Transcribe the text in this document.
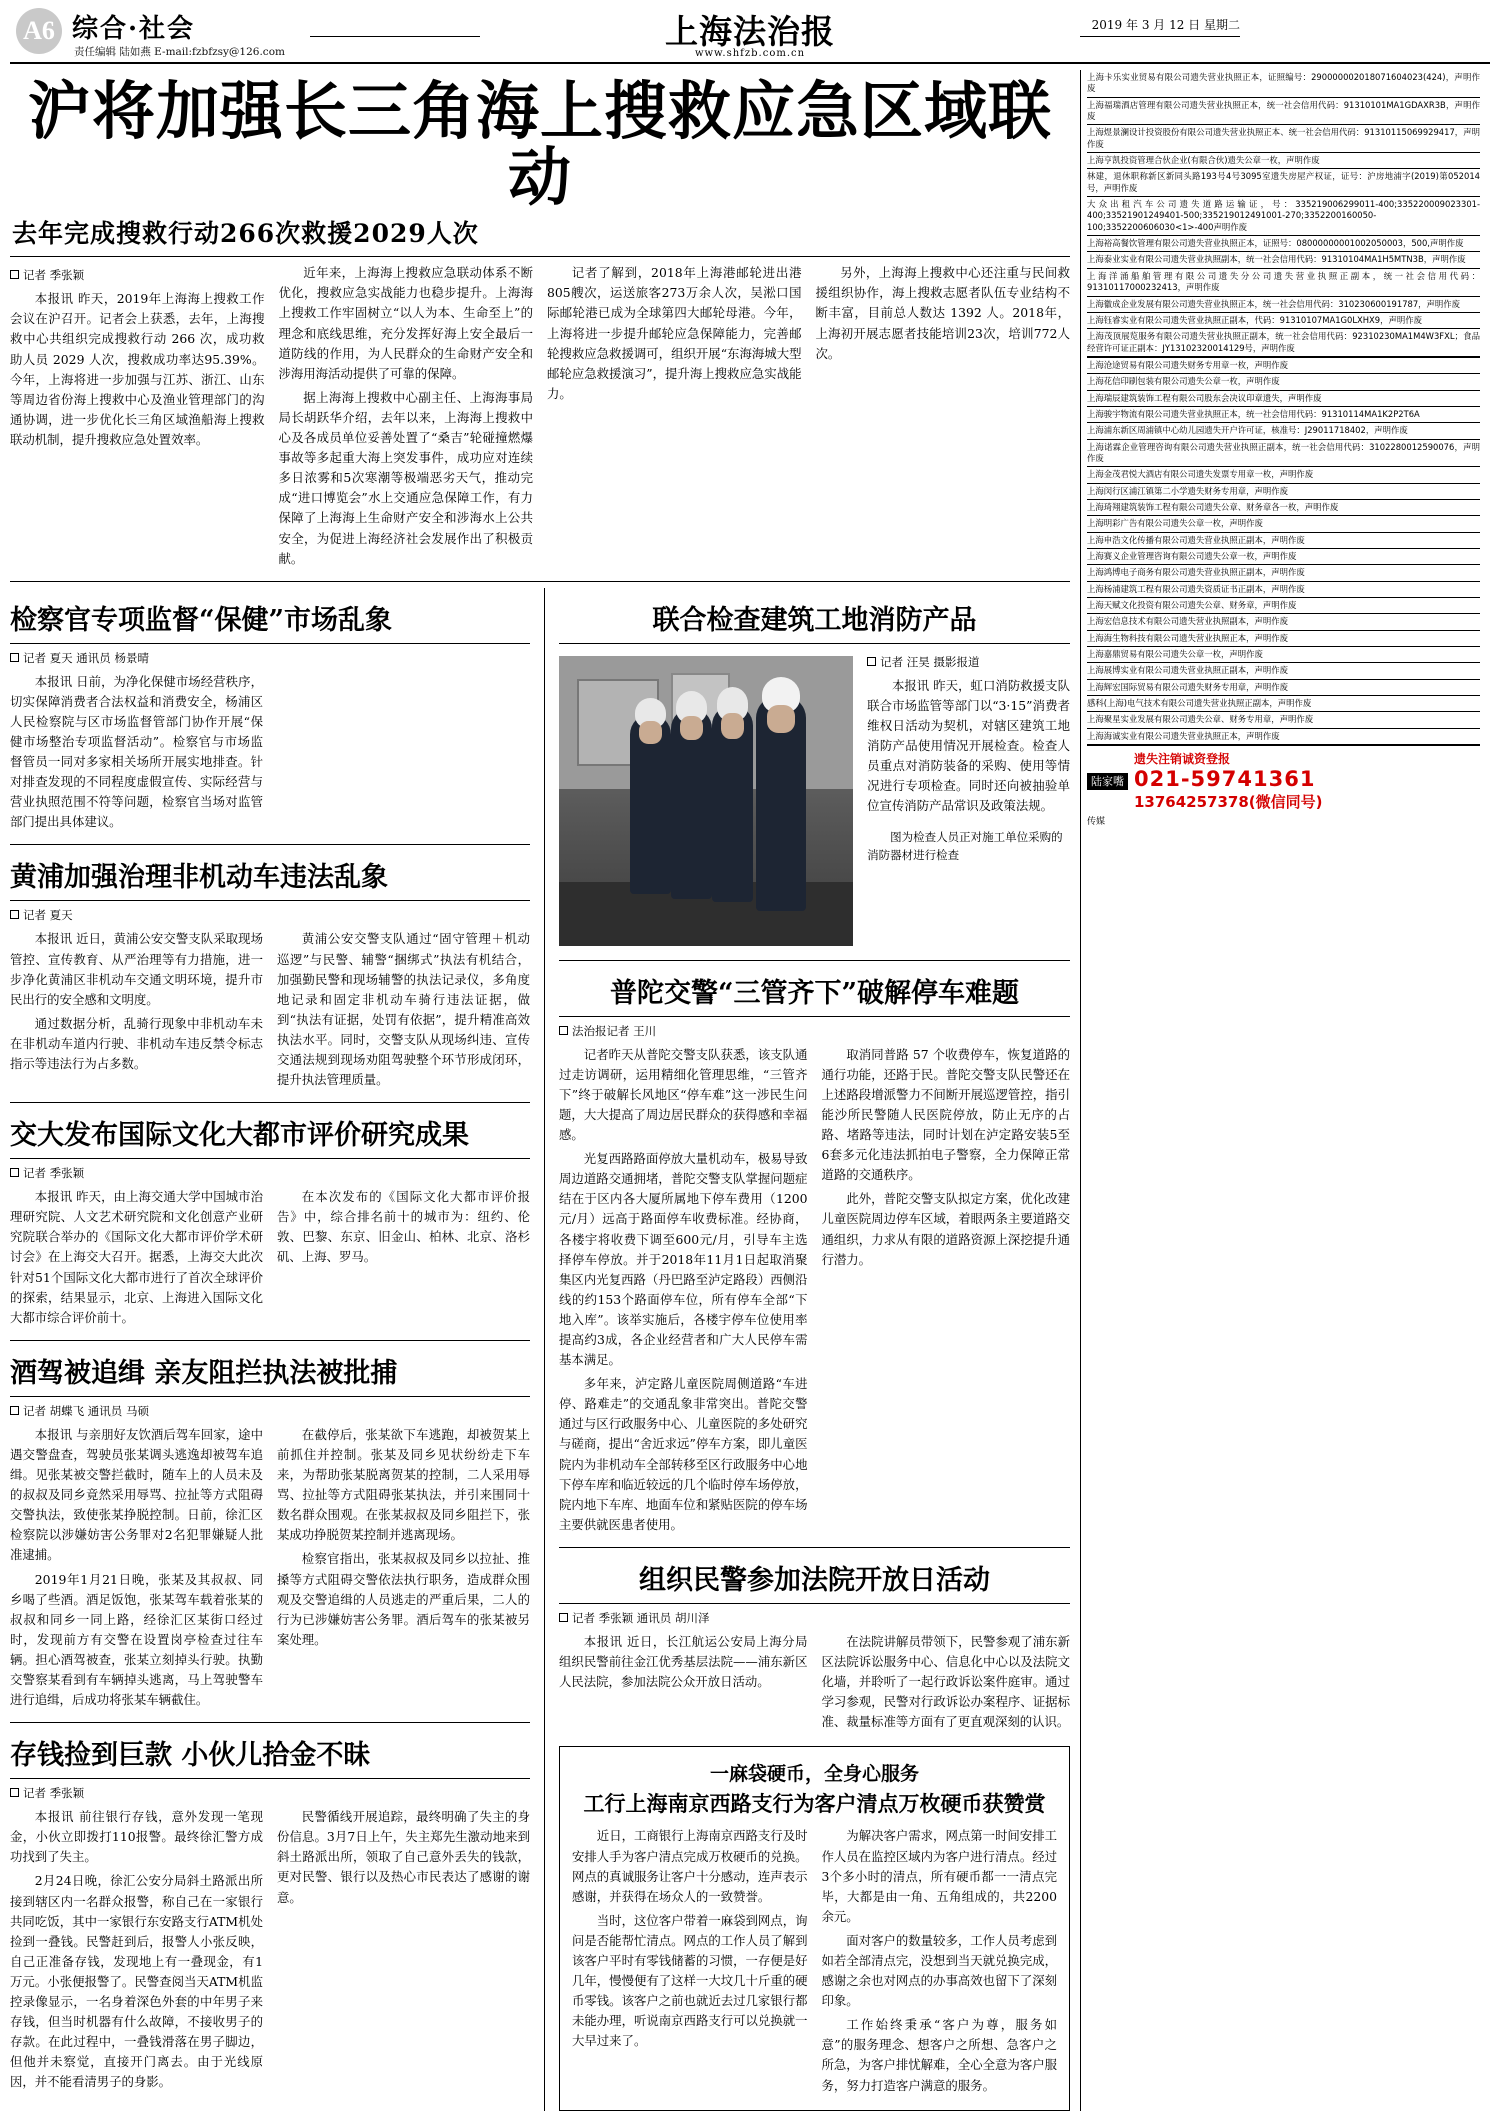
A6 综合·社会
责任编辑 陆如燕 E-mail:fzbfzsy@126.com
上海法治报
www.shfzb.com.cn
2019 年 3 月 12 日 星期二
沪将加强长三角海上搜救应急区域联动
去年完成搜救行动266次救援2029人次
记者 季张颖

本报讯 昨天，2019年上海海上搜救工作会议在沪召开。记者会上获悉，去年，上海搜救中心共组织完成搜救行动 266 次，成功救助人员 2029 人次，搜救成功率达95.39%。今年，上海将进一步加强与江苏、浙江、山东等周边省份海上搜救中心及渔业管理部门的沟通协调，进一步优化长三角区域渔船海上搜救联动机制，提升搜救应急处置效率。

近年来，上海海上搜救应急联动体系不断优化，搜救应急实战能力也稳步提升。上海海上搜救工作牢固树立“以人为本、生命至上”的理念和底线思维，充分发挥好海上安全最后一道防线的作用，为人民群众的生命财产安全和涉海用海活动提供了可靠的保障。

据上海海上搜救中心副主任、上海海事局局长胡跃华介绍，去年以来，上海海上搜救中心及各成员单位妥善处置了“桑吉”轮碰撞燃爆事故等多起重大海上突发事件，成功应对连续多日浓雾和5次寒潮等极端恶劣天气，推动完成“进口博览会”水上交通应急保障工作，有力保障了上海海上生命财产安全和涉海水上公共安全，为促进上海经济社会发展作出了积极贡献。

记者了解到，2018年上海港邮轮进出港805艘次，运送旅客273万余人次，吴淞口国际邮轮港已成为全球第四大邮轮母港。今年，上海将进一步提升邮轮应急保障能力，完善邮轮搜救应急救援调可，组织开展“东海海城大型邮轮应急救援演习”，提升海上搜救应急实战能力。

另外，上海海上搜救中心还注重与民间救援组织协作，海上搜救志愿者队伍专业结构不断丰富，目前总人数达 1392 人。2018年，上海初开展志愿者技能培训23次，培训772人次。

检察官专项监督“保健”市场乱象
记者 夏天 通讯员 杨景晴

本报讯 日前，为净化保健市场经营秩序，切实保障消费者合法权益和消费安全，杨浦区人民检察院与区市场监督管部门协作开展“保健市场整治专项监督活动”。检察官与市场监督管员一同对多家相关场所开展实地排查。针对排查发现的不同程度虚假宣传、实际经营与营业执照范围不符等问题，检察官当场对监管部门提出具体建议。

黄浦加强治理非机动车违法乱象
记者 夏天

本报讯 近日，黄浦公安交警支队采取现场管控、宣传教育、从严治理等有力措施，进一步净化黄浦区非机动车交通文明环境，提升市民出行的安全感和文明度。

通过数据分析，乱骑行现象中非机动车未在非机动车道内行驶、非机动车违反禁令标志指示等违法行为占多数。

黄浦公安交警支队通过“固守管理＋机动巡逻”与民警、辅警“捆绑式”执法有机结合，加强勤民警和现场辅警的执法记录仪，多角度地记录和固定非机动车骑行违法证据，做到“执法有证据，处罚有依据”，提升精准高效执法水平。同时，交警支队从现场纠违、宣传交通法规到现场劝阻驾驶整个环节形成闭环，提升执法管理质量。

交大发布国际文化大都市评价研究成果
记者 季张颖

本报讯 昨天，由上海交通大学中国城市治理研究院、人文艺术研究院和文化创意产业研究院联合举办的《国际文化大都市评价学术研讨会》在上海交大召开。据悉，上海交大此次针对51个国际文化大都市进行了首次全球评价的探索，结果显示，北京、上海进入国际文化大都市综合评价前十。

在本次发布的《国际文化大都市评价报告》中，综合排名前十的城市为：纽约、伦敦、巴黎、东京、旧金山、柏林、北京、洛杉矶、上海、罗马。

酒驾被追缉 亲友阻拦执法被批捕
记者 胡蝶飞 通讯员 马硕

本报讯 与亲朋好友饮酒后驾车回家，途中遇交警盘查，驾驶员张某调头逃逸却被驾车追缉。见张某被交警拦截时，随车上的人员未及的叔叔及同乡竟然采用辱骂、拉扯等方式阻碍交警执法，致使张某挣脱控制。日前，徐汇区检察院以涉嫌妨害公务罪对2名犯罪嫌疑人批准逮捕。

2019年1月21日晚，张某及其叔叔、同乡喝了些酒。酒足饭饱，张某驾车载着张某的叔叔和同乡一同上路，经徐汇区某街口经过时，发现前方有交警在设置岗亭检查过往车辆。担心酒驾被查，张某立刻掉头行驶。执勤交警察某看到有车辆掉头逃离，马上驾驶警车进行追缉，后成功将张某车辆截住。

在截停后，张某欲下车逃跑，却被贺某上前抓住并控制。张某及同乡见状纷纷走下车来，为帮助张某脱离贺某的控制，二人采用辱骂、拉扯等方式阻碍张某执法，并引来围同十数名群众围观。在张某叔叔及同乡阻拦下，张某成功挣脱贺某控制并逃离现场。

检察官指出，张某叔叔及同乡以拉扯、推搡等方式阻碍交警依法执行职务，造成群众围观及交警追缉的人员逃走的严重后果，二人的行为已涉嫌妨害公务罪。酒后驾车的张某被另案处理。

存钱捡到巨款 小伙儿拾金不昧
记者 季张颖

本报讯 前往银行存钱，意外发现一笔现金，小伙立即拨打110报警。最终徐汇警方成功找到了失主。

2月24日晚，徐汇公安分局斜土路派出所接到辖区内一名群众报警，称自己在一家银行共同吃饭，其中一家银行东安路支行ATM机处捡到一叠钱。民警赶到后，报警人小张反映，自己正准备存钱，发现地上有一叠现金，有1万元。小张便报警了。民警查阅当天ATM机监控录像显示，一名身着深色外套的中年男子来存钱，但当时机器有什么故障，不接收男子的存款。在此过程中，一叠钱滑落在男子脚边，但他并未察觉，直接开门离去。由于光线原因，并不能看清男子的身影。

民警循线开展追踪，最终明确了失主的身份信息。3月7日上午，失主郑先生激动地来到斜土路派出所，领取了自己意外丢失的钱款，更对民警、银行以及热心市民表达了感谢的谢意。

联合检查建筑工地消防产品
记者 汪昊 摄影报道

本报讯 昨天，虹口消防救援支队联合市场监管等部门以“3·15”消费者维权日活动为契机，对辖区建筑工地消防产品使用情况开展检查。检查人员重点对消防装备的采购、使用等情况进行专项检查。同时还向被抽验单位宣传消防产品常识及政策法规。

图为检查人员正对施工单位采购的消防器材进行检查

普陀交警“三管齐下”破解停车难题
法治报记者 王川

记者昨天从普陀交警支队获悉，该支队通过走访调研，运用精细化管理思维，“三管齐下”终于破解长风地区“停车难”这一涉民生问题，大大提高了周边居民群众的获得感和幸福感。

光复西路路面停放大量机动车，极易导致周边道路交通拥堵，普陀交警支队掌握问题症结在于区内各大厦所属地下停车费用（1200元/月）远高于路面停车收费标准。经协商，各楼宇将收费下调至600元/月，引导车主选择停车停放。并于2018年11月1日起取消聚集区内光复西路（丹巴路至泸定路段）西侧沿线的约153个路面停车位，所有停车全部“下地入库”。该举实施后，各楼宇停车位使用率提高约3成，各企业经营者和广大人民停车需基本满足。

多年来，泸定路儿童医院周侧道路“车进停、路难走”的交通乱象非常突出。普陀交警通过与区行政服务中心、儿童医院的多处研究与磋商，提出“舍近求远”停车方案，即儿童医院内为非机动车全部转移至区行政服务中心地下停车库和临近较远的几个临时停车场停放，院内地下车库、地面车位和紧贴医院的停车场主要供就医患者使用。

取消同普路 57 个收费停车，恢复道路的通行功能，还路于民。普陀交警支队民警还在上述路段增派警力不间断开展巡逻管控，指引能沙所民警随人民医院停放，防止无序的占路、堵路等违法，同时计划在泸定路安装5至6套多元化违法抓拍电子警察，全力保障正常道路的交通秩序。

此外，普陀交警支队拟定方案，优化改建儿童医院周边停车区域，着眼两条主要道路交通组织，力求从有限的道路资源上深挖提升通行潜力。

组织民警参加法院开放日活动
记者 季张颖 通讯员 胡川泽

本报讯 近日，长江航运公安局上海分局组织民警前往金江优秀基层法院——浦东新区人民法院，参加法院公众开放日活动。

在法院讲解员带领下，民警参观了浦东新区法院诉讼服务中心、信息化中心以及法院文化墙，并聆听了一起行政诉讼案件庭审。通过学习参观，民警对行政诉讼办案程序、证据标准、裁量标准等方面有了更直观深刻的认识。

一麻袋硬币，全身心服务
工行上海南京西路支行为客户清点万枚硬币获赞赏

近日，工商银行上海南京西路支行及时安排人手为客户清点完成万枚硬币的兑换。网点的真诚服务让客户十分感动，连声表示感谢，并获得在场众人的一致赞誉。

当时，这位客户带着一麻袋到网点，询问是否能帮忙清点。网点的工作人员了解到该客户平时有零钱储蓄的习惯，一存便是好几年，慢慢便有了这样一大坟几十斤重的硬币零钱。该客户之前也就近去过几家银行都未能办理，听说南京西路支行可以兑换就一大早过来了。

为解决客户需求，网点第一时间安排工作人员在监控区域内为客户进行清点。经过3个多小时的清点，所有硬币都一一清点完毕，大都是由一角、五角组成的，共2200余元。

面对客户的数量较多，工作人员考虑到如若全部清点完，没想到当天就兑换完成，感谢之余也对网点的办事高效也留下了深刻印象。

工作始终秉承“客户为尊，服务如意”的服务理念、想客户之所想、急客户之所急，为客户排忧解难，全心全意为客户服务，努力打造客户满意的服务。

上海卡乐实业贸易有限公司遗失营业执照正本，证照编号：290000002018071604023(424)，声明作废
上海福瑞酒店管理有限公司遗失营业执照正本，统一社会信用代码：91310101MA1GDAXR3B，声明作废
上海煜景澜设计投资股份有限公司遗失营业执照正本、统一社会信用代码：91310115069929417，声明作废
上海亨凯投资管理合伙企业(有限合伙)遗失公章一枚，声明作废
林建，退休职称新区新同头路193号4号3095室遗失房屋产权证，证号：沪房地浦字(2019)第052014号，声明作废
大众出租汽车公司遗失道路运输证，号：335219006299011-400;335220009023301-400;33521901249401-500;335219012491001-270;3352200160050-100;3352200606030<1>-400声明作废
上海裕高餐饮管理有限公司遗失营业执照正本，证照号：08000000001002050003，500,声明作废
上海泰业实业有限公司遗失营业执照副本，统一社会信用代码：91310104MA1H5MTN3B，声明作废
上海洋涌船舶管理有限公司遗失分公司遗失营业执照正副本，统一社会信用代码：91310117000232413，声明作废
上海徽成企业发展有限公司遗失营业执照正本，统一社会信用代码：310230600191787，声明作废
上海钰睿实业有限公司遗失营业执照正副本，代码：91310107MA1G0LXHX9，声明作废
上海茂顶展览服务有限公司遗失营业执照正副本，统一社会信用代码：92310230MA1M4W3FXL；食品经营许可证正副本：JY13102320014129号，声明作废
上海沧途贸易有限公司遗失财务专用章一枚，声明作废
上海花信印刷包装有限公司遗失公章一枚，声明作废
上海瑞辰建筑装饰工程有限公司股东会决议印章遗失，声明作废
上海骏宇物流有限公司遗失营业执照正本，统一社会信用代码：91310114MA1K2P2T6A
上海浦东新区周浦镇中心幼儿园遗失开户许可证，核准号：J29011718402，声明作废
上海诺霖企业管理咨询有限公司遗失营业执照正副本，统一社会信用代码：3102280012590076，声明作废
上海金茂君悦大酒店有限公司遗失发票专用章一枚，声明作废
上海闵行区浦江镇第二小学遗失财务专用章，声明作废
上海琦翔建筑装饰工程有限公司遗失公章、财务章各一枚，声明作废
上海明彩广告有限公司遗失公章一枚，声明作废
上海申浩文化传播有限公司遗失营业执照正副本，声明作废
上海赛义企业管理咨询有限公司遗失公章一枚，声明作废
上海鸿博电子商务有限公司遗失营业执照正副本，声明作废
上海杨浦建筑工程有限公司遗失资质证书正副本，声明作废
上海天赋文化投资有限公司遗失公章、财务章，声明作废
上海宏信息技术有限公司遗失营业执照副本，声明作废
上海海生物科技有限公司遗失营业执照正本，声明作废
上海嘉鼎贸易有限公司遗失公章一枚，声明作废
上海展博实业有限公司遗失营业执照正副本，声明作废
上海辉宏国际贸易有限公司遗失财务专用章，声明作废
感科(上海)电气技术有限公司遗失营业执照正副本，声明作废
上海聚星实业发展有限公司遗失公章、财务专用章，声明作废
上海海诚实业有限公司遗失营业执照正本，声明作废
陆家嘴
遗失注销诚资登报
021-59741361
13764257378(微信同号)
传媒
